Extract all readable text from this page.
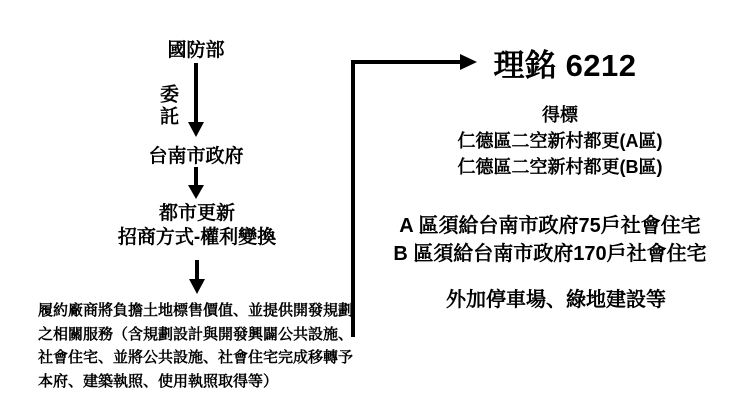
國防部
委託
台南市政府
都市更新
招商方式-權利變換
履約廠商將負擔土地標售價值、並提供開發規劃
之相關服務（含規劃設計與開發興闢公共設施、
社會住宅、並將公共設施、社會住宅完成移轉予
本府、建築執照、使用執照取得等）
理銘 6212
得標
仁德區二空新村都更(A區)
仁德區二空新村都更(B區)
A 區須給台南市政府75戶社會住宅
B 區須給台南市政府170戶社會住宅
外加停車場、綠地建設等
